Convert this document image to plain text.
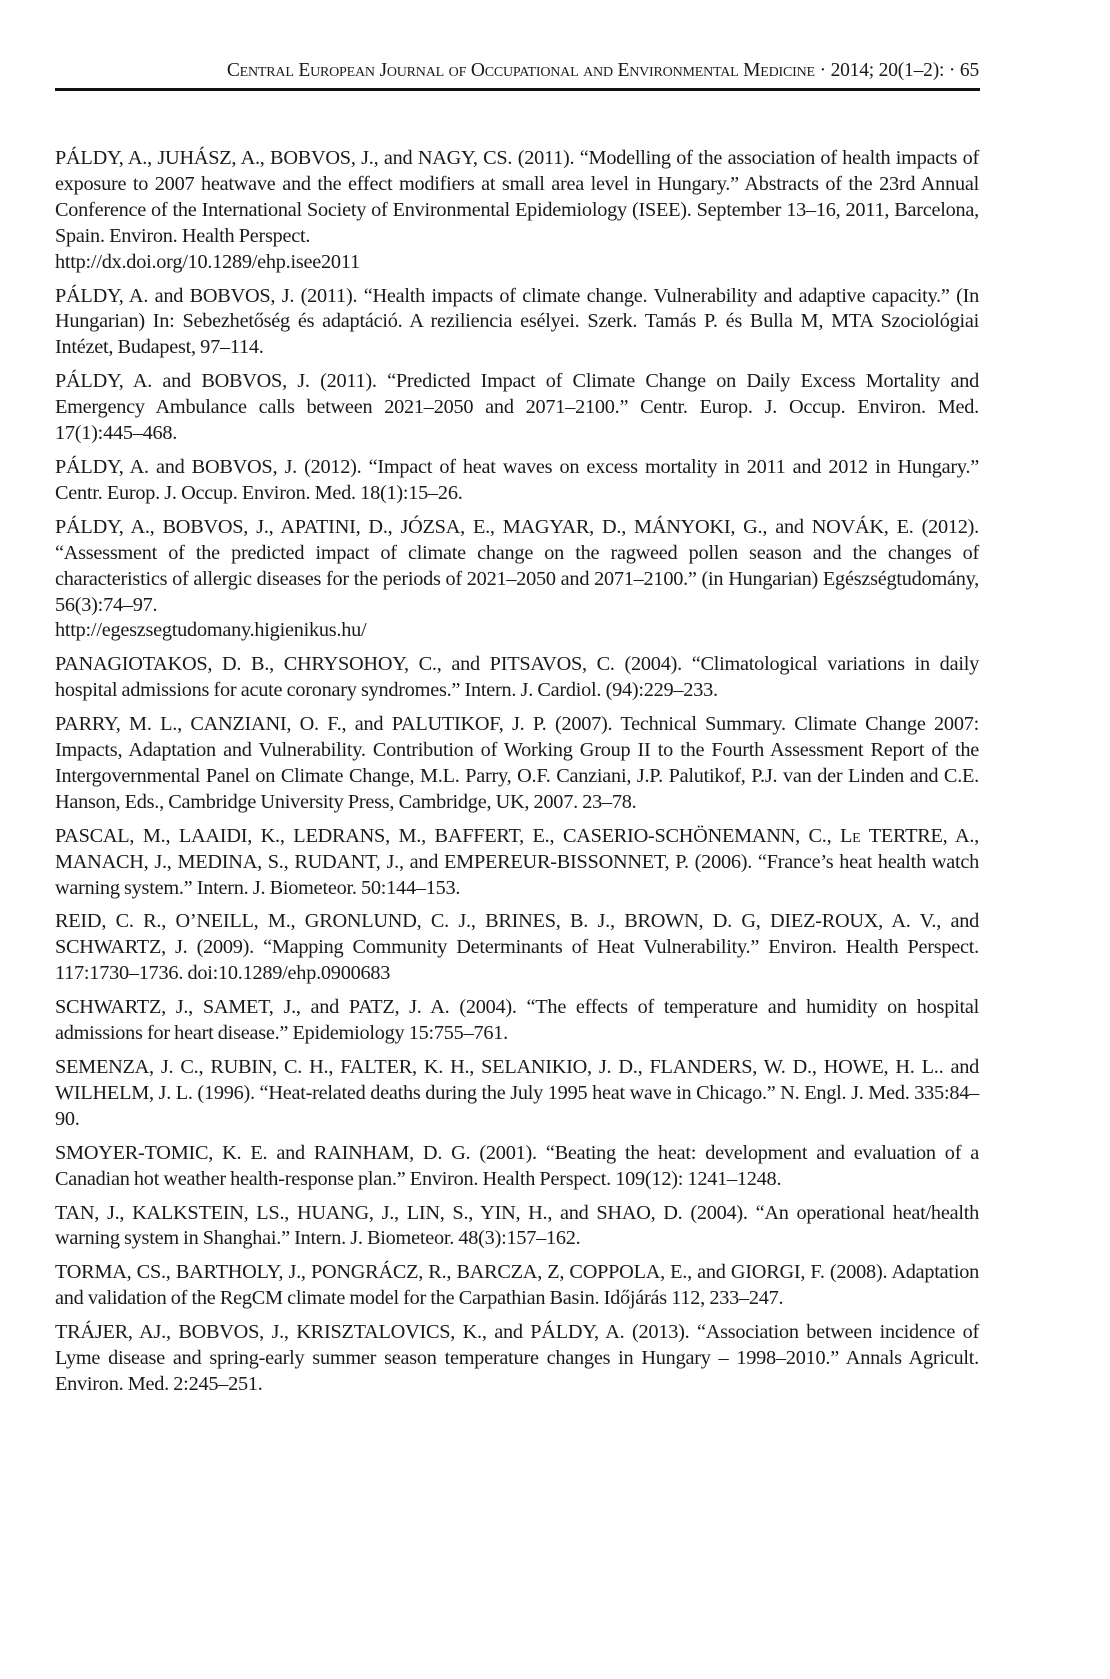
Central European Journal of Occupational and Environmental Medicine · 2014; 20(1–2): · 65

PÁLDY, A., JUHÁSZ, A., BOBVOS, J., and NAGY, CS. (2011). “Modelling of the association of health impacts of exposure to 2007 heatwave and the effect modifiers at small area level in Hungary.” Abstracts of the 23rd Annual Conference of the International Society of Environmental Epidemiology (ISEE). September 13–16, 2011, Barcelona, Spain. Environ. Health Perspect.
http://dx.doi.org/10.1289/ehp.isee2011

PÁLDY, A. and BOBVOS, J. (2011). “Health impacts of climate change. Vulnerability and adaptive capacity.” (In Hungarian) In: Sebezhetőség és adaptáció. A reziliencia esélyei. Szerk. Tamás P. és Bulla M, MTA Szociológiai Intézet, Budapest, 97–114.

PÁLDY, A. and BOBVOS, J. (2011). “Predicted Impact of Climate Change on Daily Excess Mortality and Emergency Ambulance calls between 2021–2050 and 2071–2100.” Centr. Europ. J. Occup. Environ. Med. 17(1):445–468.

PÁLDY, A. and BOBVOS, J. (2012). “Impact of heat waves on excess mortality in 2011 and 2012 in Hungary.” Centr. Europ. J. Occup. Environ. Med. 18(1):15–26.

PÁLDY, A., BOBVOS, J., APATINI, D., JÓZSA, E., MAGYAR, D., MÁNYOKI, G., and NOVÁK, E. (2012). “Assessment of the predicted impact of climate change on the ragweed pollen season and the changes of characteristics of allergic diseases for the periods of 2021–2050 and 2071–2100.” (in Hungarian) Egészségtudomány, 56(3):74–97.
http://egeszsegtudomany.higienikus.hu/

PANAGIOTAKOS, D. B., CHRYSOHOY, C., and PITSAVOS, C. (2004). “Climatological variations in daily hospital admissions for acute coronary syndromes.” Intern. J. Cardiol. (94):229–233.

PARRY, M. L., CANZIANI, O. F., and PALUTIKOF, J. P. (2007). Technical Summary. Climate Change 2007: Impacts, Adaptation and Vulnerability. Contribution of Working Group II to the Fourth Assessment Report of the Intergovernmental Panel on Climate Change, M.L. Parry, O.F. Canziani, J.P. Palutikof, P.J. van der Linden and C.E. Hanson, Eds., Cambridge University Press, Cambridge, UK, 2007. 23–78.

PASCAL, M., LAAIDI, K., LEDRANS, M., BAFFERT, E., CASERIO-SCHÖNEMANN, C., Le TERTRE, A., MANACH, J., MEDINA, S., RUDANT, J., and EMPEREUR-BISSONNET, P. (2006). “France’s heat health watch warning system.” Intern. J. Biometeor. 50:144–153.

REID, C. R., O’NEILL, M., GRONLUND, C. J., BRINES, B. J., BROWN, D. G, DIEZ-ROUX, A. V., and SCHWARTZ, J. (2009). “Mapping Community Determinants of Heat Vulnerability.” Environ. Health Perspect. 117:1730–1736. doi:10.1289/ehp.0900683

SCHWARTZ, J., SAMET, J., and PATZ, J. A. (2004). “The effects of temperature and humidity on hospital admissions for heart disease.” Epidemiology 15:755–761.

SEMENZA, J. C., RUBIN, C. H., FALTER, K. H., SELANIKIO, J. D., FLANDERS, W. D., HOWE, H. L.. and WILHELM, J. L. (1996). “Heat-related deaths during the July 1995 heat wave in Chicago.” N. Engl. J. Med. 335:84–90.

SMOYER-TOMIC, K. E. and RAINHAM, D. G. (2001). “Beating the heat: development and evaluation of a Canadian hot weather health-response plan.” Environ. Health Perspect. 109(12): 1241–1248.

TAN, J., KALKSTEIN, LS., HUANG, J., LIN, S., YIN, H., and SHAO, D. (2004). “An operational heat/health warning system in Shanghai.” Intern. J. Biometeor. 48(3):157–162.

TORMA, CS., BARTHOLY, J., PONGRÁCZ, R., BARCZA, Z, COPPOLA, E., and GIORGI, F. (2008). Adaptation and validation of the RegCM climate model for the Carpathian Basin. Időjárás 112, 233–247.

TRÁJER, AJ., BOBVOS, J., KRISZTALOVICS, K., and PÁLDY, A. (2013). “Association between incidence of Lyme disease and spring-early summer season temperature changes in Hungary – 1998–2010.” Annals Agricult. Environ. Med. 2:245–251.
